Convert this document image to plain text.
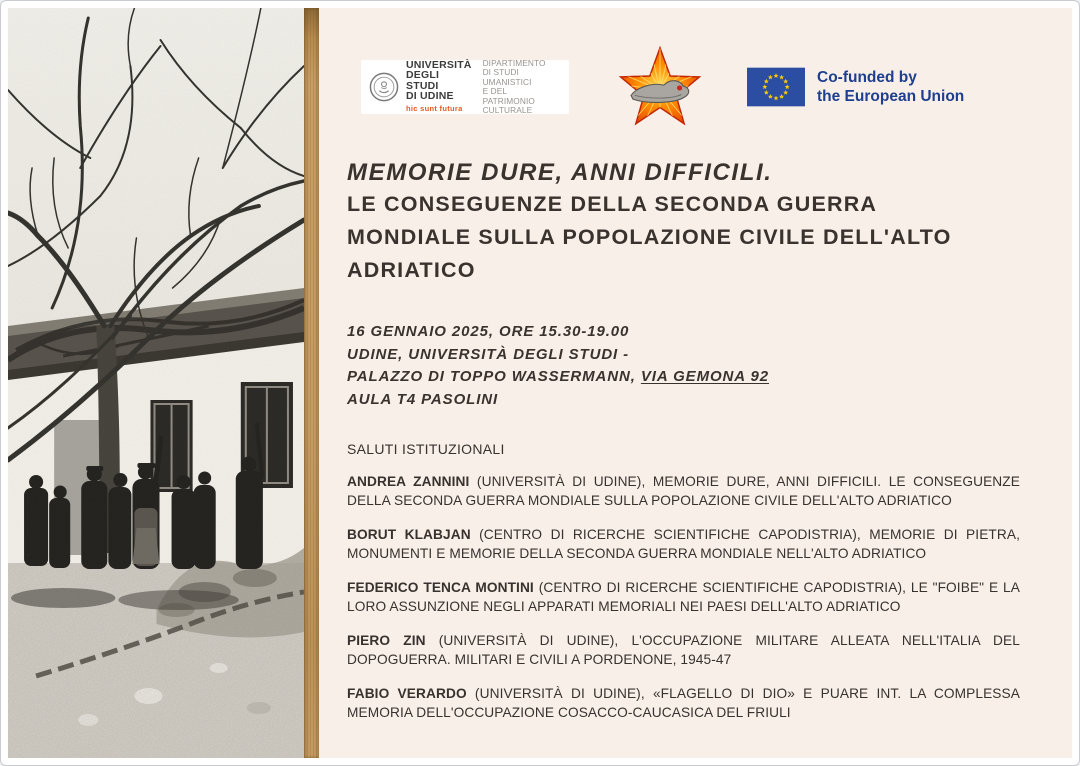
UNIVERSITÀ
DEGLI STUDI
DI UDINE
hic sunt futura
DIPARTIMENTO
DI STUDI UMANISTICI
E DEL PATRIMONIO
CULTURALE
Co-funded by
the European Union
MEMORIE DURE, ANNI DIFFICILI.
LE CONSEGUENZE DELLA SECONDA GUERRA
MONDIALE SULLA POPOLAZIONE CIVILE DELL'ALTO
ADRIATICO
16 GENNAIO 2025, ORE 15.30-19.00
UDINE, UNIVERSITÀ DEGLI STUDI -
PALAZZO DI TOPPO WASSERMANN, VIA GEMONA 92
AULA T4 PASOLINI
SALUTI ISTITUZIONALI

ANDREA ZANNINI (UNIVERSITÀ DI UDINE), MEMORIE DURE, ANNI DIFFICILI. LE CONSEGUENZE DELLA SECONDA GUERRA MONDIALE SULLA POPOLAZIONE CIVILE DELL'ALTO ADRIATICO

BORUT KLABJAN (CENTRO DI RICERCHE SCIENTIFICHE CAPODISTRIA), MEMORIE DI PIETRA, MONUMENTI E MEMORIE DELLA SECONDA GUERRA MONDIALE NELL'ALTO ADRIATICO

FEDERICO TENCA MONTINI (CENTRO DI RICERCHE SCIENTIFICHE CAPODISTRIA), LE "FOIBE" E LA LORO ASSUNZIONE NEGLI APPARATI MEMORIALI NEI PAESI DELL'ALTO ADRIATICO

PIERO ZIN (UNIVERSITÀ DI UDINE), L'OCCUPAZIONE MILITARE ALLEATA NELL'ITALIA DEL DOPOGUERRA. MILITARI E CIVILI A PORDENONE, 1945-47

FABIO VERARDO (UNIVERSITÀ DI UDINE), «FLAGELLO DI DIO» E PUARE INT. LA COMPLESSA MEMORIA DELL'OCCUPAZIONE COSACCO-CAUCASICA DEL FRIULI
